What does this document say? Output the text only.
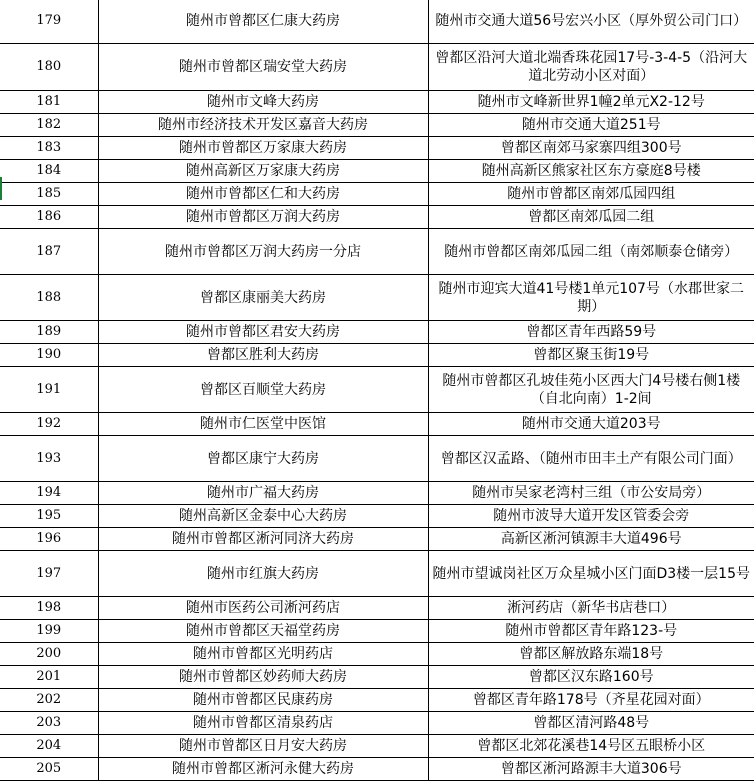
179	随州市曾都区仁康大药房	随州市交通大道56号宏兴小区（厚外贸公司门口）
180	随州市曾都区瑞安堂大药房	曾都区沿河大道北端香珠花园17号-3-4-5（沿河大道北劳动小区对面）
181	随州市文峰大药房	随州市文峰新世界1幢2单元X2-12号
182	随州市经济技术开发区嘉音大药房	随州市交通大道251号
183	随州市曾都区万家康大药房	曾都区南郊马家寨四组300号
184	随州高新区万家康大药房	随州高新区熊家社区东方豪庭8号楼
185	随州市曾都区仁和大药房	随州市曾都区南郊瓜园四组
186	随州市曾都区万润大药房	曾都区南郊瓜园二组
187	随州市曾都区万润大药房一分店	随州市曾都区南郊瓜园二组（南郊顺泰仓储旁）
188	曾都区康丽美大药房	随州市迎宾大道41号楼1单元107号（水郡世家二期）
189	随州市曾都区君安大药房	曾都区青年西路59号
190	曾都区胜利大药房	曾都区聚玉街19号
191	曾都区百顺堂大药房	随州市曾都区孔坡佳苑小区西大门4号楼右侧1楼（自北向南）1-2间
192	随州市仁医堂中医馆	随州市交通大道203号
193	曾都区康宁大药房	曾都区汉孟路、（随州市田丰土产有限公司门面）
194	随州市广福大药房	随州市吴家老湾村三组（市公安局旁）
195	随州高新区金泰中心大药房	随州市波导大道开发区管委会旁
196	随州市曾都区淅河同济大药房	高新区淅河镇源丰大道496号
197	随州市红旗大药房	随州市望诚岗社区万众星城小区门面D3楼一层15号
198	随州市医药公司淅河药店	淅河药店（新华书店巷口）
199	随州市曾都区天福堂药房	随州市曾都区青年路123-号
200	随州市曾都区光明药店	曾都区解放路东端18号
201	随州市曾都区妙药师大药房	曾都区汉东路160号
202	随州市曾都区民康药房	曾都区青年路178号（齐星花园对面）
203	随州市曾都区清泉药店	曾都区清河路48号
204	随州市曾都区日月安大药房	曾都区北郊花溪巷14号区五眼桥小区
205	随州市曾都区淅河永健大药房	曾都区淅河路源丰大道306号
